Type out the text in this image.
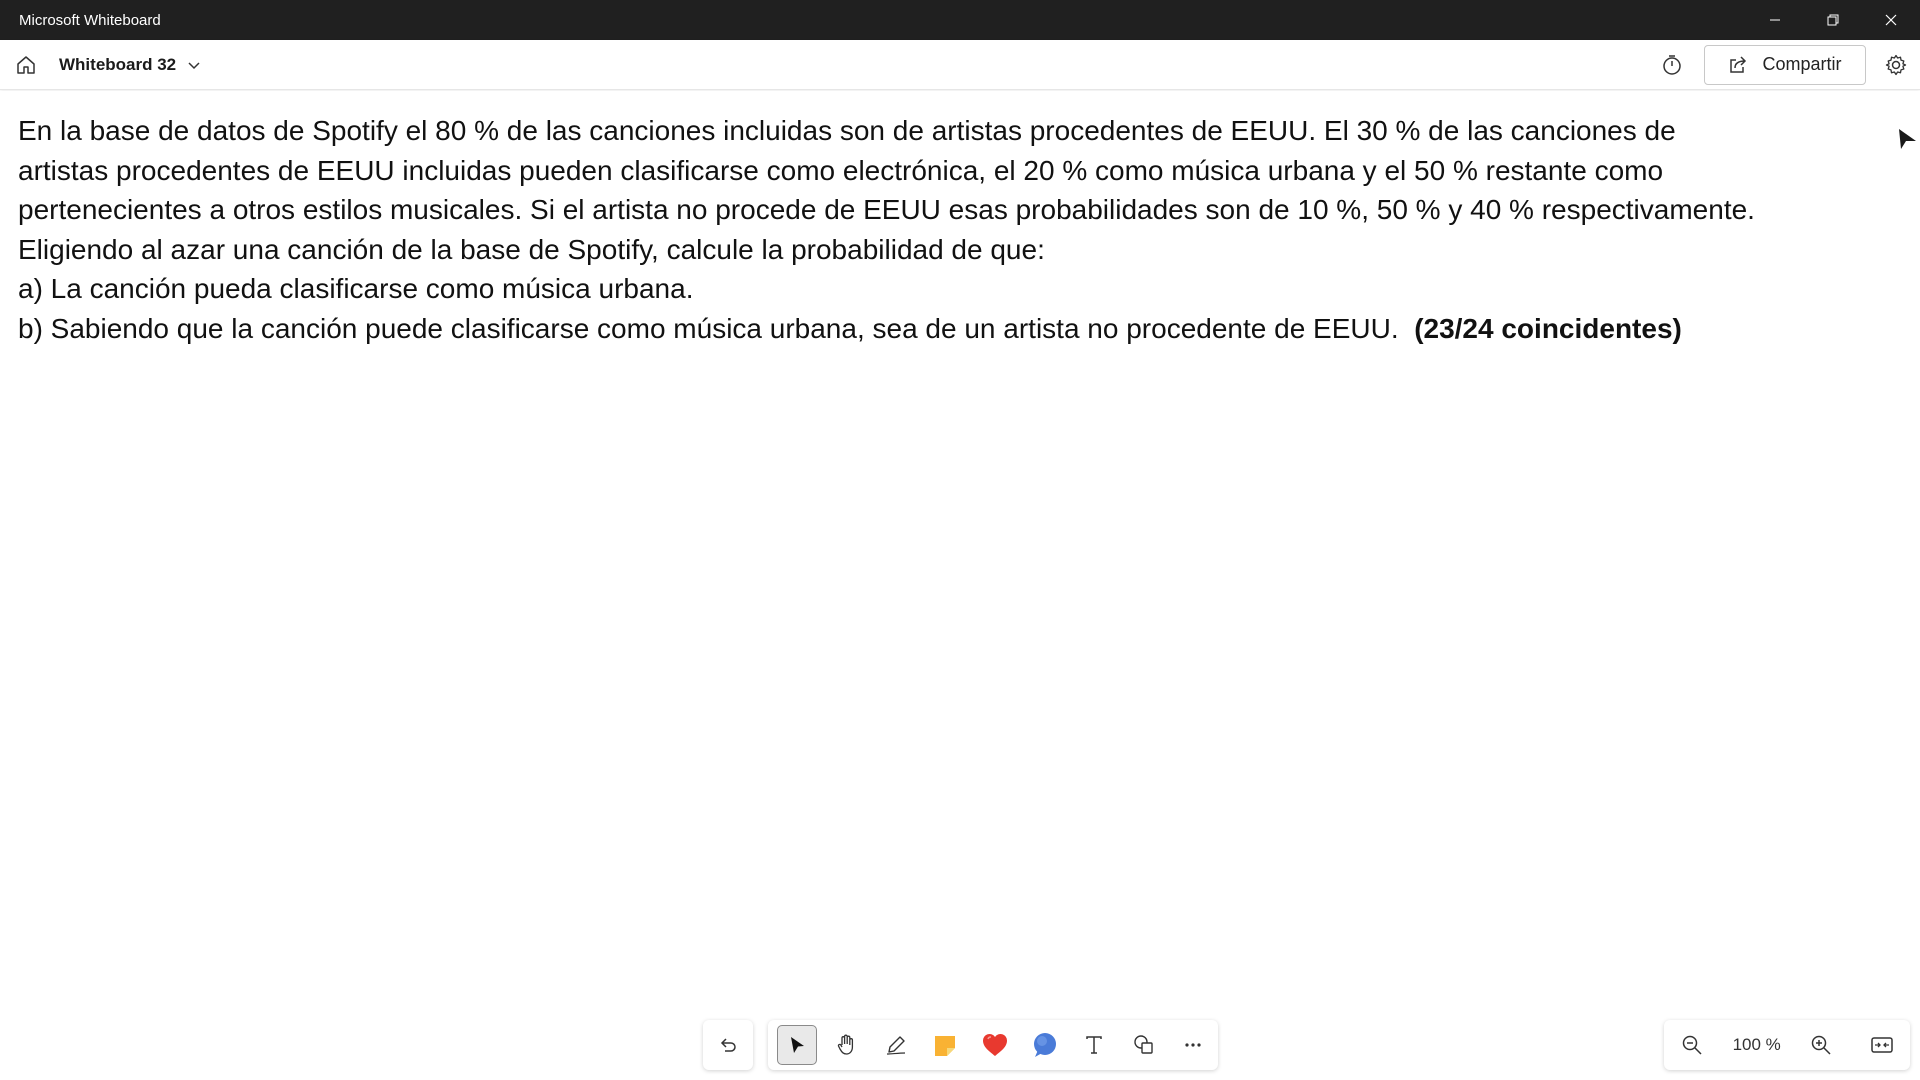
Microsoft Whiteboard
Whiteboard 32	Compartir

En la base de datos de Spotify el 80 % de las canciones incluidas son de artistas procedentes de EEUU. El 30 % de las canciones de

artistas procedentes de EEUU incluidas pueden clasificarse como electrónica, el 20 % como música urbana y el 50 % restante como

pertenecientes a otros estilos musicales. Si el artista no procede de EEUU esas probabilidades son de 10 %, 50 % y 40 % respectivamente.

Eligiendo al azar una canción de la base de Spotify, calcule la probabilidad de que:

a) La canción pueda clasificarse como música urbana.

b) Sabiendo que la canción puede clasificarse como música urbana, sea de un artista no procedente de EEUU. (23/24 coincidentes)

100 %
